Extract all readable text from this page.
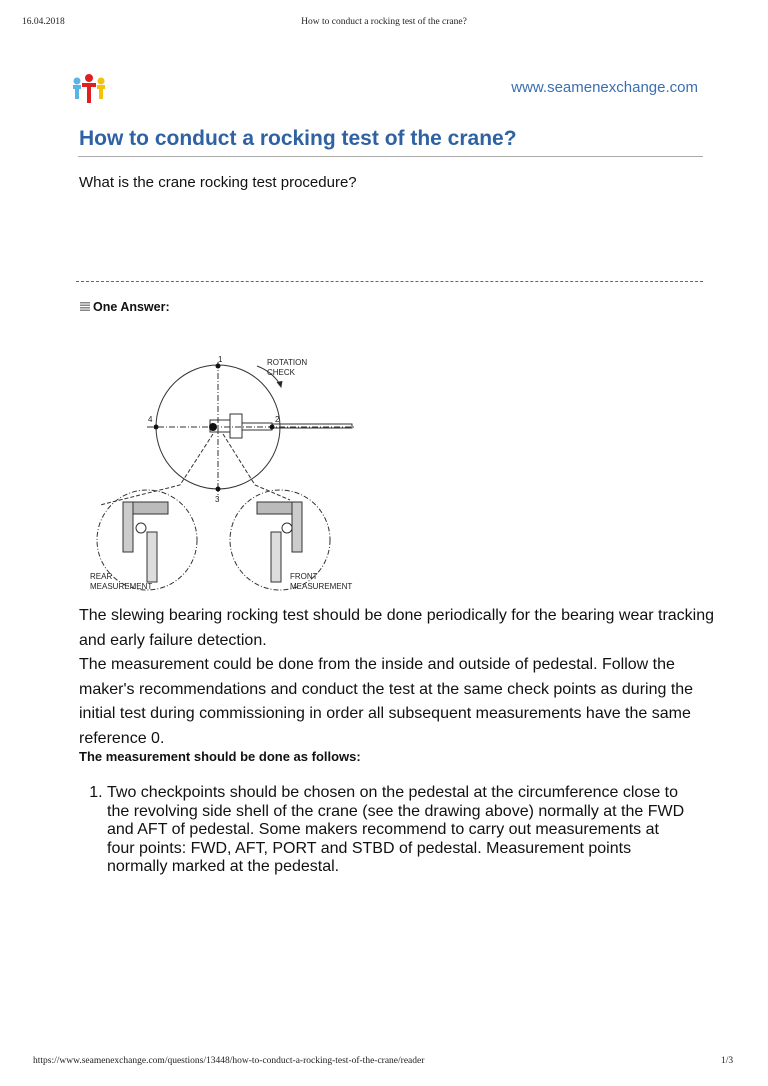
16.04.2018	How to conduct a rocking test of the crane?
www.seamenexchange.com
How to conduct a rocking test of the crane?
What is the crane rocking test procedure?
One Answer:
1
2
3
4
ROTATION
CHECK
REAR
MEASUREMENT
FRONT
MEASUREMENT

The slewing bearing rocking test should be done periodically for the bearing wear tracking and early failure detection.

The measurement could be done from the inside and outside of pedestal. Follow the maker's recommendations and conduct the test at the same check points as during the initial test during commissioning in order all subsequent measurements have the same reference 0.

The measurement should be done as follows:
1. Two checkpoints should be chosen on the pedestal at the circumference close to the revolving side shell of the crane (see the drawing above) normally at the FWD and AFT of pedestal. Some makers recommend to carry out measurements at four points: FWD, AFT, PORT and STBD of pedestal. Measurement points normally marked at the pedestal.
https://www.seamenexchange.com/questions/13448/how-to-conduct-a-rocking-test-of-the-crane/reader	1/3
